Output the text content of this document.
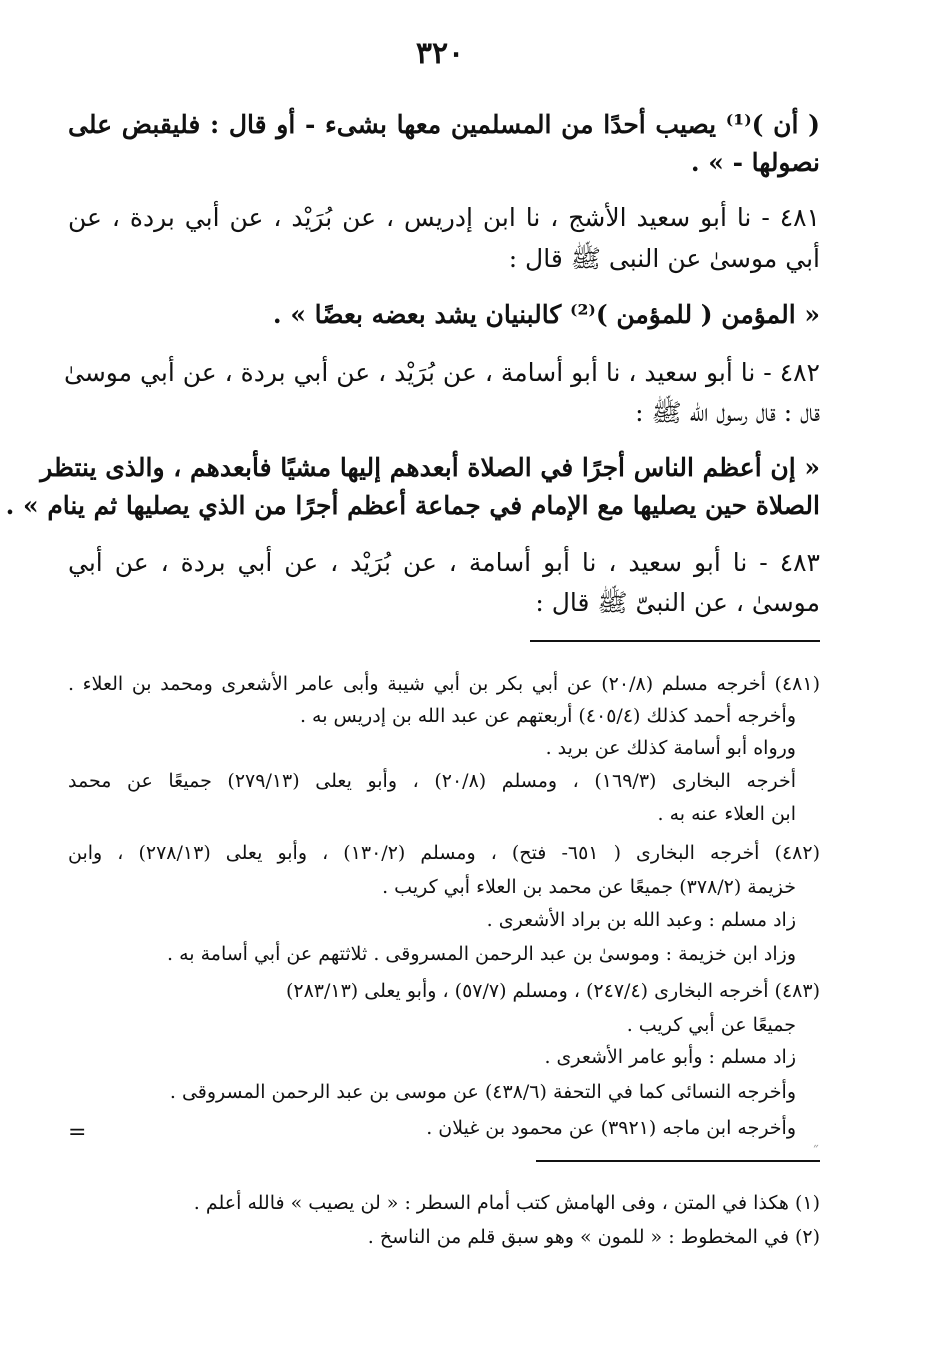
٣٢٠
( أن )⁽¹⁾ يصيب أحدًا من المسلمين معها بشىء - أو قال : فليقبض على
نصولها - » .
٤٨١ - نا أبو سعيد الأشج ، نا ابن إدريس ، عن بُرَيْد ، عن أبي بردة ، عن
أبي موسىٰ عن النبى ﷺ قال :
« المؤمن ( للمؤمن )⁽²⁾ كالبنيان يشد بعضه بعضًا » .
٤٨٢ - نا أبو سعيد ، نا أبو أسامة ، عن بُرَيْد ، عن أبي بردة ، عن أبي موسىٰ
قال : قال رسول الله ﷺ :
« إن أعظم الناس أجرًا في الصلاة أبعدهم إليها مشيًا فأبعدهم ، والذى ينتظر
الصلاة حين يصليها مع الإمام في جماعة أعظم أجرًا من الذي يصليها ثم ينام » .
٤٨٣ - نا أبو سعيد ، نا أبو أسامة ، عن بُرَيْد ، عن أبي بردة ، عن أبي
موسىٰ ، عن النبىّ ﷺ قال :
(٤٨١) أخرجه مسلم (٢٠/٨) عن أبي بكر بن أبي شيبة وأبى عامر الأشعرى ومحمد بن العلاء .
وأخرجه أحمد كذلك (٤٠٥/٤) أربعتهم عن عبد الله بن إدريس به .
ورواه أبو أسامة كذلك عن بريد .
أخرجه البخارى (١٦٩/٣) ، ومسلم (٢٠/٨) ، وأبو يعلى (٢٧٩/١٣) جميعًا عن محمد
ابن العلاء عنه به .
(٤٨٢) أخرجه البخارى ( ٦٥١- فتح) ، ومسلم (١٣٠/٢) ، وأبو يعلى (٢٧٨/١٣) ، وابن
خزيمة (٣٧٨/٢) جميعًا عن محمد بن العلاء أبي كريب .
زاد مسلم : وعبد الله بن براد الأشعرى .
وزاد ابن خزيمة : وموسىٰ بن عبد الرحمن المسروقى . ثلاثتهم عن أبي أسامة به .
(٤٨٣) أخرجه البخارى (٢٤٧/٤) ، ومسلم (٥٧/٧) ، وأبو يعلى (٢٨٣/١٣)
جميعًا عن أبي كريب .
زاد مسلم : وأبو عامر الأشعرى .
وأخرجه النسائى كما في التحفة (٤٣٨/٦) عن موسى بن عبد الرحمن المسروقى .
وأخرجه ابن ماجه (٣٩٢١) عن محمود بن غيلان .
=
˝
(١) هكذا في المتن ، وفى الهامش كتب أمام السطر : « لن يصيب » فالله أعلم .
(٢) في المخطوط : « للمون » وهو سبق قلم من الناسخ .
